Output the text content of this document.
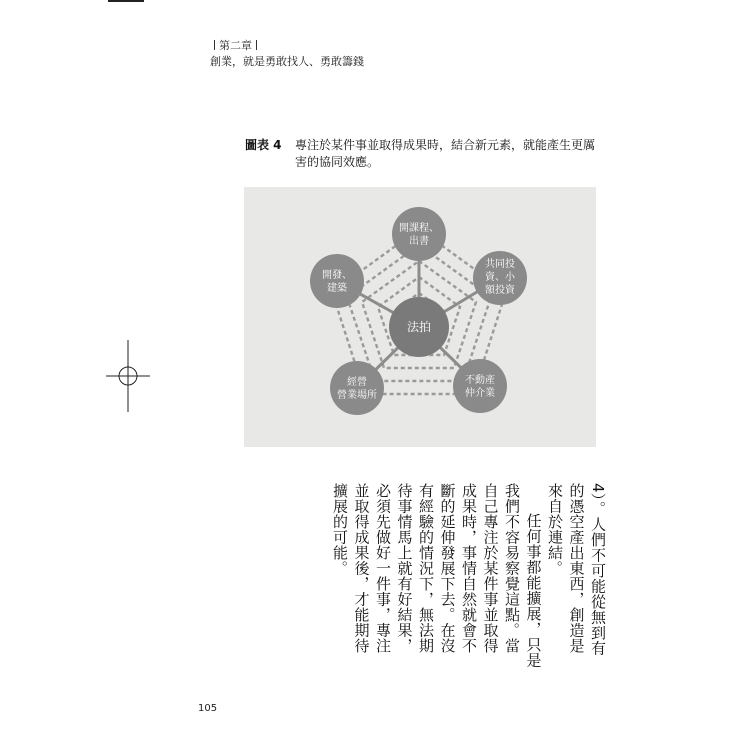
第二章
創業，就是勇敢找人、勇敢籌錢
圖表 4 專注於某件事並取得成果時，結合新元素，就能產生更厲害的協同效應。
法拍
開課程、
出書
共同投
資、小
額投資
不動產
仲介業
經營
營業場所
開發、
建築

4）。人們不可能從無到有的憑空產出東西，創造是來自於連結。

任何事都能擴展，只是我們不容易察覺這點。當自己專注於某件事並取得成果時，事情自然就會不斷的延伸發展下去。在沒有經驗的情況下，無法期待事情馬上就有好結果，必須先做好一件事，專注並取得成果後，才能期待擴展的可能。

105
